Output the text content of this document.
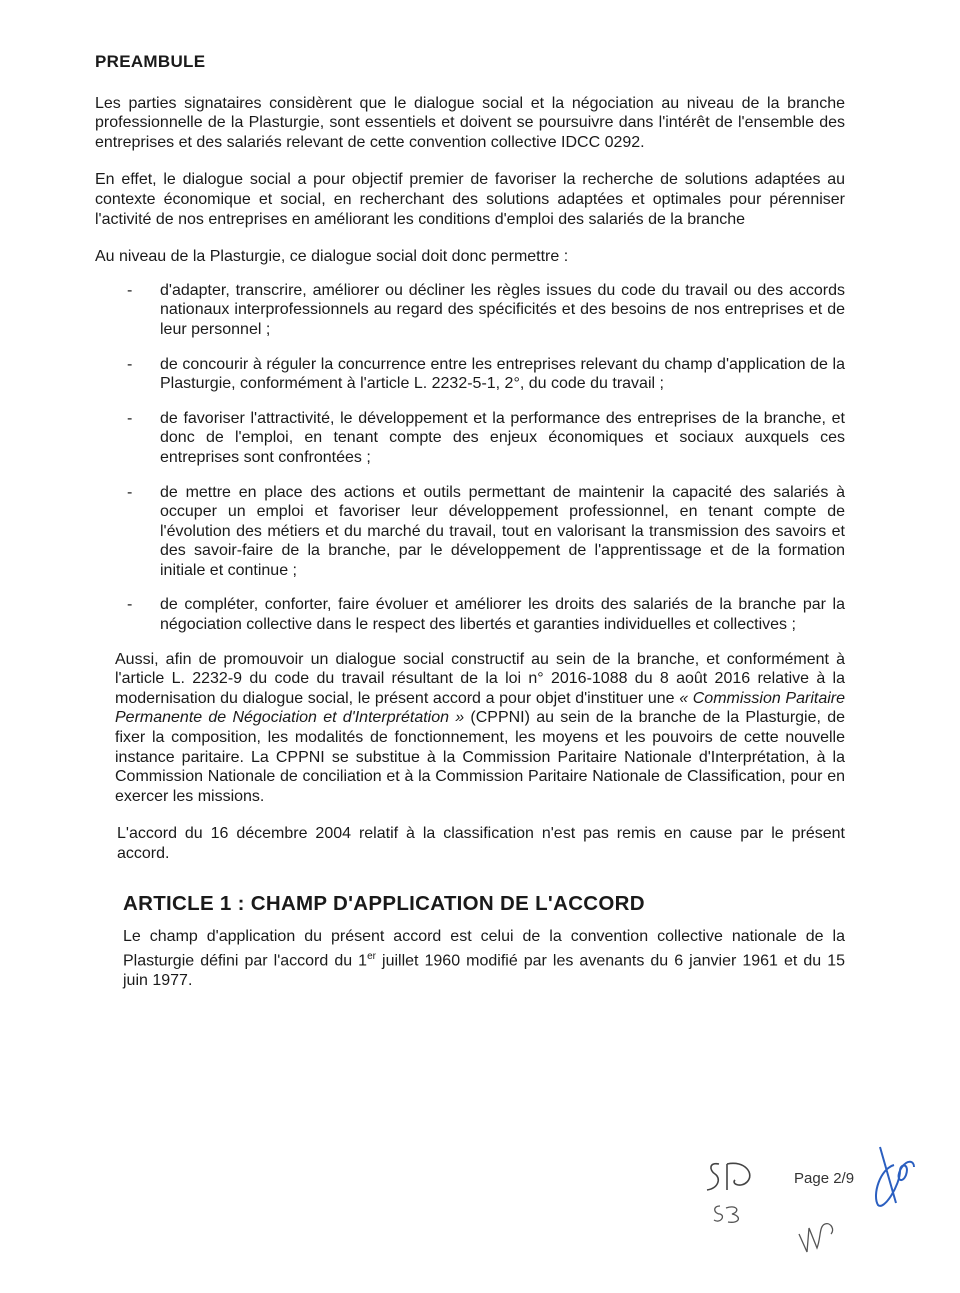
PREAMBULE

Les parties signataires considèrent que le dialogue social et la négociation au niveau de la branche professionnelle de la Plasturgie, sont essentiels et doivent se poursuivre dans l'intérêt de l'ensemble des entreprises et des salariés relevant de cette convention collective IDCC 0292.

En effet, le dialogue social a pour objectif premier de favoriser la recherche de solutions adaptées au contexte économique et social, en recherchant des solutions adaptées et optimales pour pérenniser l'activité de nos entreprises en améliorant les conditions d'emploi des salariés de la branche

Au niveau de la Plasturgie, ce dialogue social doit donc permettre :

- d'adapter, transcrire, améliorer ou décliner les règles issues du code du travail ou des accords nationaux interprofessionnels au regard des spécificités et des besoins de nos entreprises et de leur personnel ;
- de concourir à réguler la concurrence entre les entreprises relevant du champ d'application de la Plasturgie, conformément à l'article L. 2232-5-1, 2°, du code du travail ;
- de favoriser l'attractivité, le développement et la performance des entreprises de la branche, et donc de l'emploi, en tenant compte des enjeux économiques et sociaux auxquels ces entreprises sont confrontées ;
- de mettre en place des actions et outils permettant de maintenir la capacité des salariés à occuper un emploi et favoriser leur développement professionnel, en tenant compte de l'évolution des métiers et du marché du travail, tout en valorisant la transmission des savoirs et des savoir-faire de la branche, par le développement de l'apprentissage et de la formation initiale et continue ;
- de compléter, conforter, faire évoluer et améliorer les droits des salariés de la branche par la négociation collective dans le respect des libertés et garanties individuelles et collectives ;

Aussi, afin de promouvoir un dialogue social constructif au sein de la branche, et conformément à l'article L. 2232-9 du code du travail résultant de la loi n° 2016-1088 du 8 août 2016 relative à la modernisation du dialogue social, le présent accord a pour objet d'instituer une « Commission Paritaire Permanente de Négociation et d'Interprétation » (CPPNI) au sein de la branche de la Plasturgie, de fixer la composition, les modalités de fonctionnement, les moyens et les pouvoirs de cette nouvelle instance paritaire. La CPPNI se substitue à la Commission Paritaire Nationale d'Interprétation, à la Commission Nationale de conciliation et à la Commission Paritaire Nationale de Classification, pour en exercer les missions.

L'accord du 16 décembre 2004 relatif à la classification n'est pas remis en cause par le présent accord.

ARTICLE 1 : CHAMP D'APPLICATION DE L'ACCORD

Le champ d'application du présent accord est celui de la convention collective nationale de la Plasturgie défini par l'accord du 1er juillet 1960 modifié par les avenants du 6 janvier 1961 et du 15 juin 1977.

Page 2/9
